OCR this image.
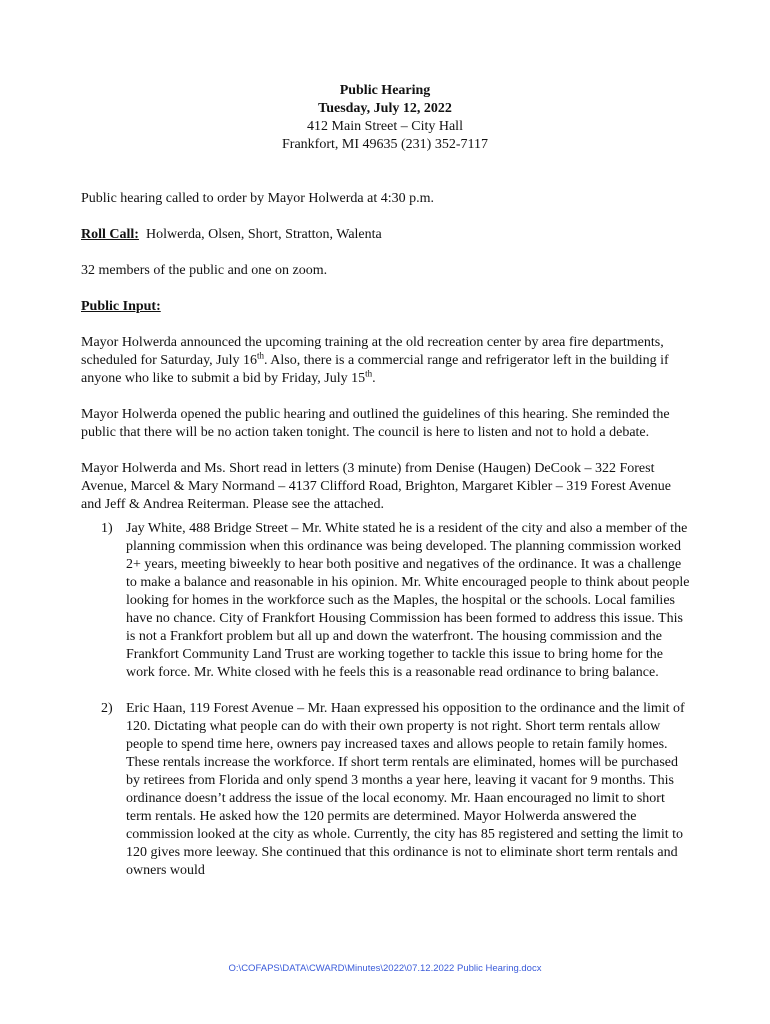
Public Hearing
Tuesday, July 12, 2022
412 Main Street – City Hall
Frankfort, MI 49635 (231) 352-7117

Public hearing called to order by Mayor Holwerda at 4:30 p.m.

Roll Call:  Holwerda, Olsen, Short, Stratton, Walenta

32 members of the public and one on zoom.

Public Input:

Mayor Holwerda announced the upcoming training at the old recreation center by area fire departments, scheduled for Saturday, July 16th. Also, there is a commercial range and refrigerator left in the building if anyone who like to submit a bid by Friday, July 15th.

Mayor Holwerda opened the public hearing and outlined the guidelines of this hearing. She reminded the public that there will be no action taken tonight. The council is here to listen and not to hold a debate.

Mayor Holwerda and Ms. Short read in letters (3 minute) from Denise (Haugen) DeCook – 322 Forest Avenue, Marcel & Mary Normand – 4137 Clifford Road, Brighton, Margaret Kibler – 319 Forest Avenue and Jeff & Andrea Reiterman. Please see the attached.

1) Jay White, 488 Bridge Street – Mr. White stated he is a resident of the city and also a member of the planning commission when this ordinance was being developed. The planning commission worked 2+ years, meeting biweekly to hear both positive and negatives of the ordinance. It was a challenge to make a balance and reasonable in his opinion. Mr. White encouraged people to think about people looking for homes in the workforce such as the Maples, the hospital or the schools. Local families have no chance. City of Frankfort Housing Commission has been formed to address this issue. This is not a Frankfort problem but all up and down the waterfront. The housing commission and the Frankfort Community Land Trust are working together to tackle this issue to bring home for the work force. Mr. White closed with he feels this is a reasonable read ordinance to bring balance.
2) Eric Haan, 119 Forest Avenue – Mr. Haan expressed his opposition to the ordinance and the limit of 120. Dictating what people can do with their own property is not right. Short term rentals allow people to spend time here, owners pay increased taxes and allows people to retain family homes. These rentals increase the workforce. If short term rentals are eliminated, homes will be purchased by retirees from Florida and only spend 3 months a year here, leaving it vacant for 9 months. This ordinance doesn’t address the issue of the local economy. Mr. Haan encouraged no limit to short term rentals. He asked how the 120 permits are determined. Mayor Holwerda answered the commission looked at the city as whole. Currently, the city has 85 registered and setting the limit to 120 gives more leeway. She continued that this ordinance is not to eliminate short term rentals and owners would
O:\COFAPS\DATA\CWARD\Minutes\2022\07.12.2022 Public Hearing.docx
